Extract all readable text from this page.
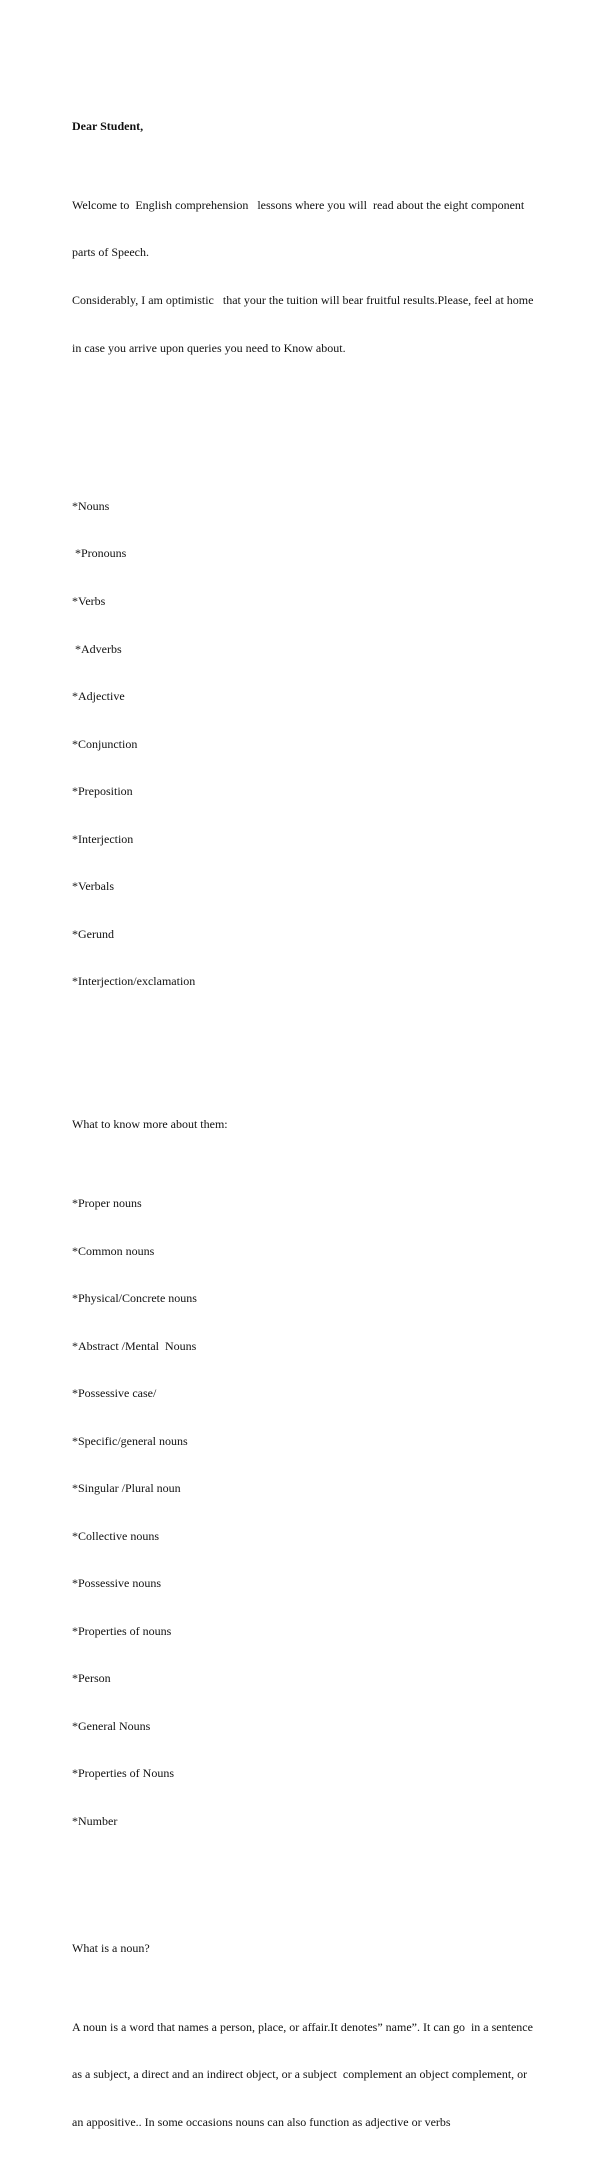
Dear Student,

Welcome to  English comprehension   lessons where you will  read about the eight component

parts of Speech.

Considerably, I am optimistic   that your the tuition will bear fruitful results.Please, feel at home

in case you arrive upon queries you need to Know about.

*Nouns

*Pronouns

*Verbs

*Adverbs

*Adjective

*Conjunction

*Preposition

*Interjection

*Verbals

*Gerund

*Interjection/exclamation

What to know more about them:

*Proper nouns

*Common nouns

*Physical/Concrete nouns

*Abstract /Mental  Nouns

*Possessive case/

*Specific/general nouns

*Singular /Plural noun

*Collective nouns

*Possessive nouns

*Properties of nouns

*Person

*General Nouns

*Properties of Nouns

*Number

What is a noun?

A noun is a word that names a person, place, or affair.It denotes” name”. It can go  in a sentence

as a subject, a direct and an indirect object, or a subject  complement an object complement, or

an appositive.. In some occasions nouns can also function as adjective or verbs
